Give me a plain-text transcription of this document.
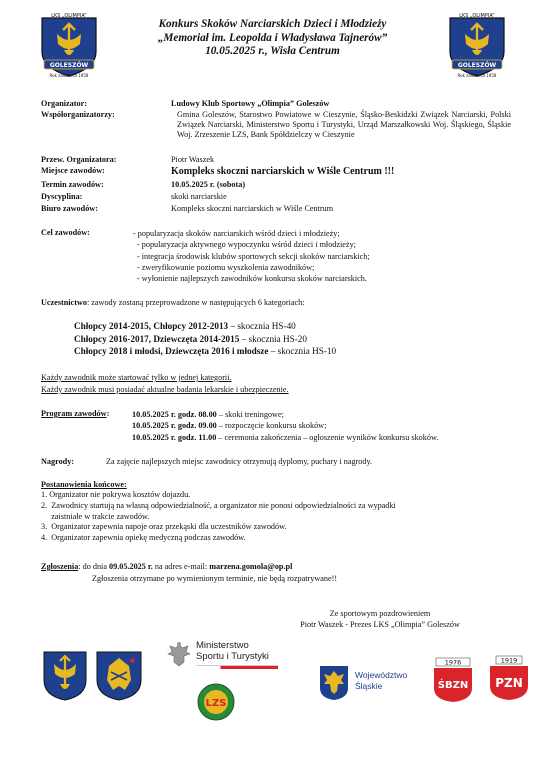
LKS „OLIMPIA”
GOLESZÓW
Rok założenia 1958
Konkurs Skoków Narciarskich Dzieci i Młodzieży
„Memoriał im. Leopolda i Władysława Tajnerów”
10.05.2025 r., Wisła Centrum
LKS „OLIMPIA”
GOLESZÓW
Rok założenia 1958
Organizator:	Ludowy Klub Sportowy „Olimpia” Goleszów
Współorganizatorzy:	Gmina Goleszów, Starostwo Powiatowe w Cieszynie, Śląsko-Beskidzki Związek Narciarski, Polski Związek Narciarski, Ministerstwo Sportu i Turystyki, Urząd Marszałkowski Woj. Śląskiego, Śląskie Woj. Zrzeszenie LZS, Bank Spółdzielczy w Cieszynie
Przew. Organizatora:	Piotr Waszek
Miejsce zawodów:	Kompleks skoczni narciarskich w Wiśle Centrum !!!
Termin zawodów:	10.05.2025 r. (sobota)
Dyscyplina:	skoki narciarskie
Biuro zawodów:	Kompleks skoczni narciarskich w Wiśle Centrum
Cel zawodów:	- popularyzacja skoków narciarskich wśród dzieci i młodzieży;
- popularyzacja aktywnego wypoczynku wśród dzieci i młodzieży;
- integracja środowisk klubów sportowych sekcji skoków narciarskich;
- zweryfikowanie poziomu wyszkolenia zawodników;
- wyłonienie najlepszych zawodników konkursu skoków narciarskich.
Uczestnictwo: zawody zostaną przeprowadzone w następujących 6 kategoriach:
Chłopcy 2014-2015, Chłopcy 2012-2013 – skocznia HS-40
Chłopcy 2016-2017, Dziewczęta 2014-2015 – skocznia HS-20
Chłopcy 2018 i młodsi, Dziewczęta 2016 i młodsze – skocznia HS-10
Każdy zawodnik może startować tylko w jednej kategorii.
Każdy zawodnik musi posiadać aktualne badania lekarskie i ubezpieczenie.
Program zawodów:	10.05.2025 r. godz. 08.00 – skoki treningowe;
10.05.2025 r. godz. 09.00 – rozpoczęcie konkursu skoków;
10.05.2025 r. godz. 11.00 – ceremonia zakończenia – ogłoszenie wyników konkursu skoków.
Nagrody:	Za zajęcie najlepszych miejsc zawodnicy otrzymują dyplomy, puchary i nagrody.
Postanowienia końcowe:
1. Organizator nie pokrywa kosztów dojazdu.
2.  Zawodnicy startują na własną odpowiedzialność, a organizator nie ponosi odpowiedzialności za wypadki
zaistniałe w trakcie zawodów.
3.  Organizator zapewnia napoje oraz przekąski dla uczestników zawodów.
4.  Organizator zapewnia opiekę medyczną podczas zawodów.
Zgłoszenia: do dnia 09.05.2025 r. na adres e-mail: marzena.gomola@op.pl
Zgłoszenia otrzymane po wymienionym terminie, nie będą rozpatrywane!!
Ze sportowym pozdrowieniem
Piotr Waszek - Prezes LKS „Olimpia” Goleszów
Ministerstwo
Sportu i Turystyki
LZS
Województwo
Śląskie
1976
ŚBZN
1919
PZN
